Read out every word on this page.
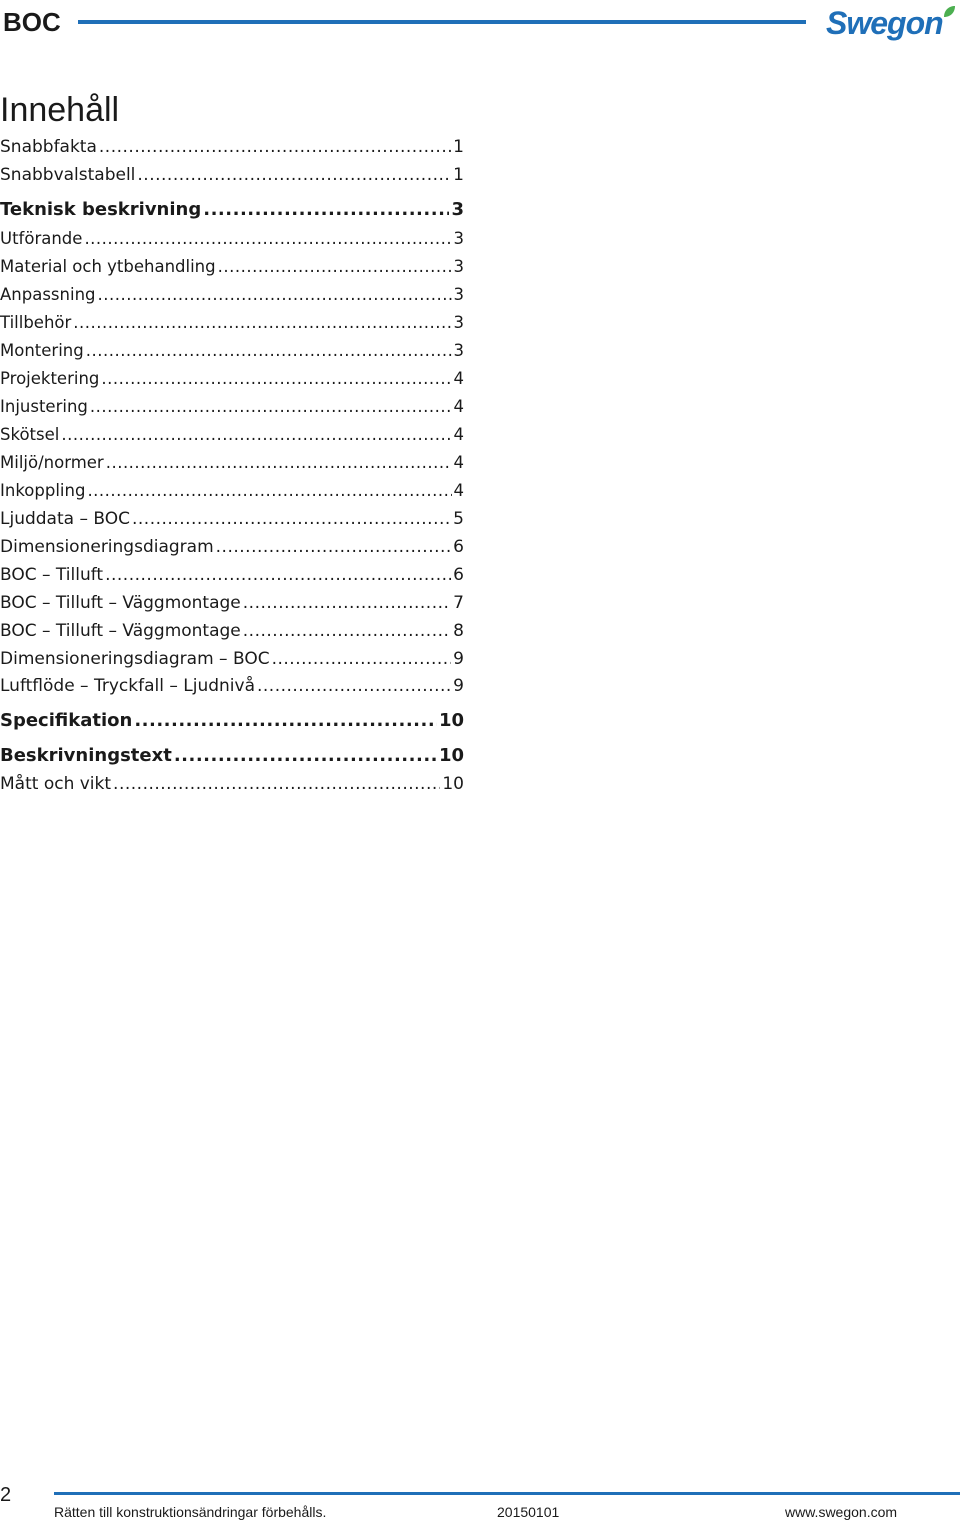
BOC	Swegon
Innehåll
Snabbfakta .....	1
Snabbvalstabell .....	1
Teknisk beskrivning .....	3
Utförande .....	3
Material och ytbehandling .....	3
Anpassning .....	3
Tillbehör .....	3
Montering .....	3
Projektering .....	4
Injustering .....	4
Skötsel .....	4
Miljö/normer .....	4
Inkoppling .....	4
Ljuddata – BOC .....	5
Dimensioneringsdiagram .....	6
BOC – Tilluft .....	6
BOC – Tilluft – Väggmontage .....	7
BOC – Tilluft – Väggmontage .....	8
Dimensioneringsdiagram – BOC .....	9
Luftflöde – Tryckfall – Ljudnivå .....	9
Specifikation .....	10
Beskrivningstext .....	10
Mått och vikt .....	10
2
Rätten till konstruktionsändringar förbehålls.	20150101	www.swegon.com
